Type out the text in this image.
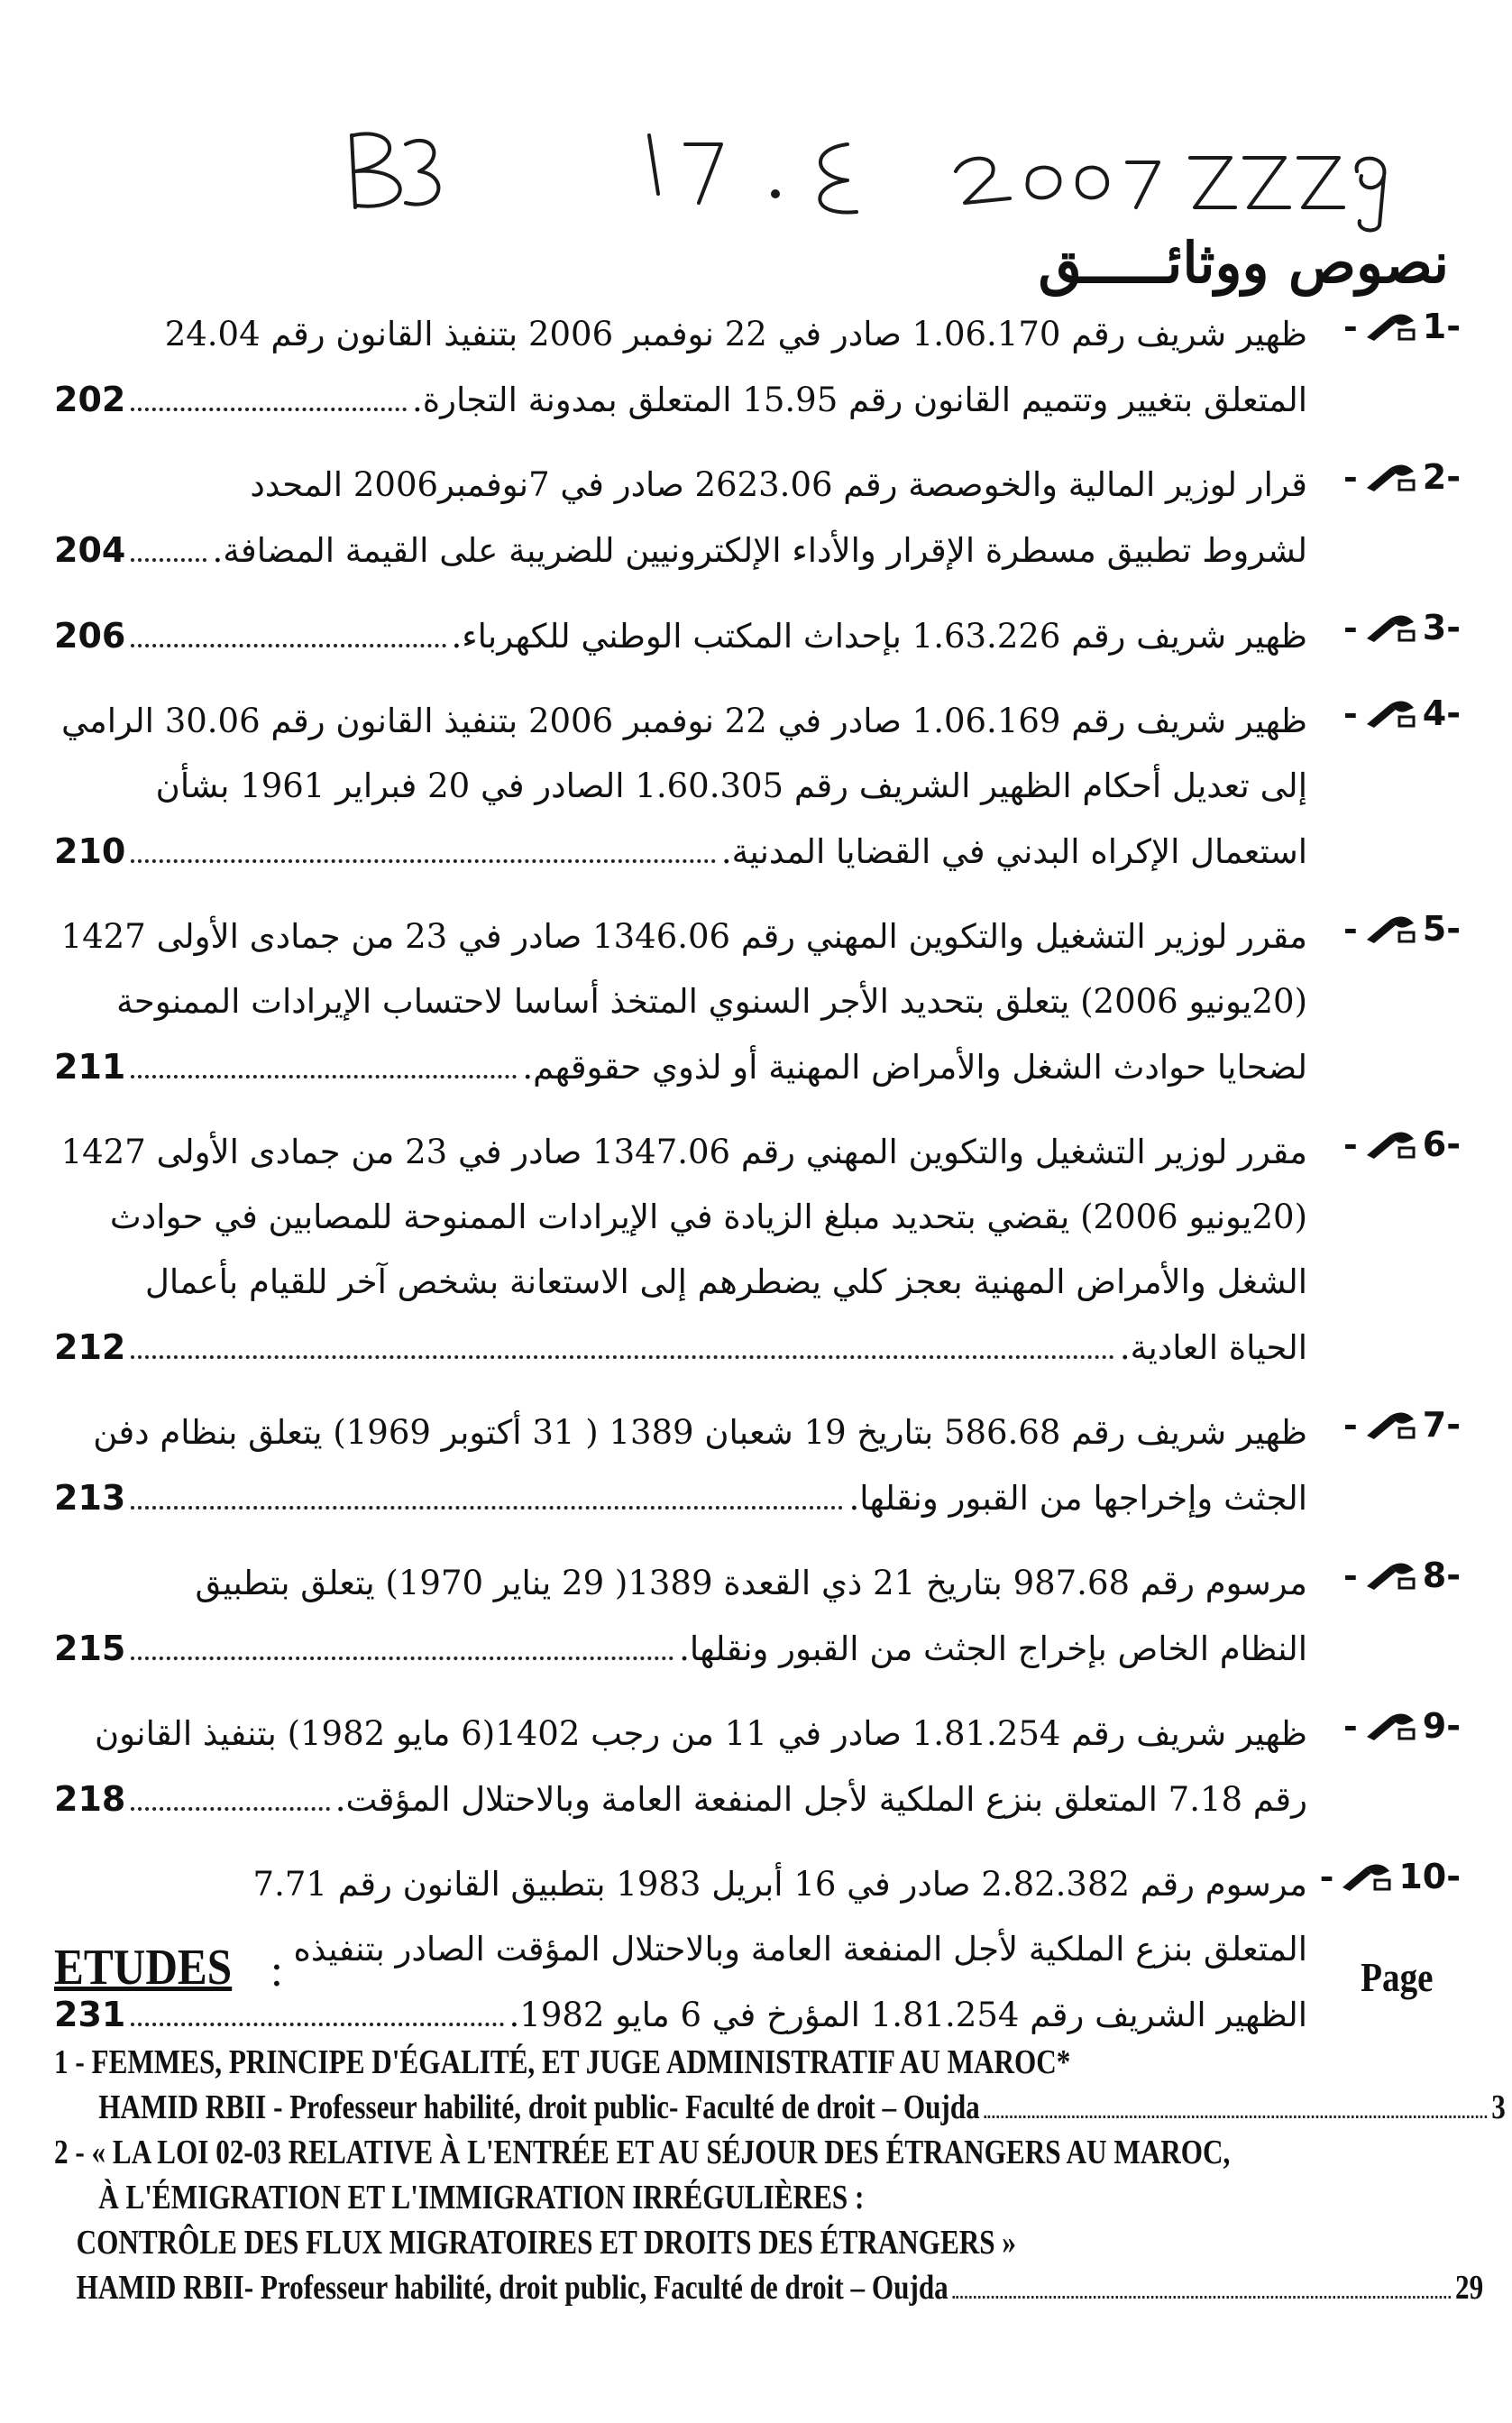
نصوص ووثائـــــق
- 1-
ظهير شريف رقم 1.06.170 صادر في 22 نوفمبر 2006 بتنفيذ القانون رقم 24.04
202	المتعلق بتغيير وتتميم القانون رقم 15.95 المتعلق بمدونة التجارة.
- 2-
قرار لوزير المالية والخوصصة رقم 2623.06 صادر في 7نوفمبر2006 المحدد
204	لشروط تطبيق مسطرة الإقرار والأداء الإلكترونيين للضريبة على القيمة المضافة.
- 3-
206	ظهير شريف رقم 1.63.226 بإحداث المكتب الوطني للكهرباء.
- 4-
ظهير شريف رقم 1.06.169 صادر في 22 نوفمبر 2006 بتنفيذ القانون رقم 30.06 الرامي
إلى تعديل أحكام الظهير الشريف رقم 1.60.305 الصادر في 20 فبراير 1961 بشأن
210	استعمال الإكراه البدني في القضايا المدنية.
- 5-
مقرر لوزير التشغيل والتكوين المهني رقم 1346.06 صادر في 23 من جمادى الأولى 1427
(20يونيو 2006) يتعلق بتحديد الأجر السنوي المتخذ أساسا لاحتساب الإيرادات الممنوحة
211	لضحايا حوادث الشغل والأمراض المهنية أو لذوي حقوقهم.
- 6-
مقرر لوزير التشغيل والتكوين المهني رقم 1347.06 صادر في 23 من جمادى الأولى 1427
(20يونيو 2006) يقضي بتحديد مبلغ الزيادة في الإيرادات الممنوحة للمصابين في حوادث
الشغل والأمراض المهنية بعجز كلي يضطرهم إلى الاستعانة بشخص آخر للقيام بأعمال
212	الحياة العادية.
- 7-
ظهير شريف رقم 586.68 بتاريخ 19 شعبان 1389 ( 31 أكتوبر 1969) يتعلق بنظام دفن
213	الجثث وإخراجها من القبور ونقلها.
- 8-
مرسوم رقم 987.68 بتاريخ 21 ذي القعدة 1389( 29 يناير 1970) يتعلق بتطبيق
215	النظام الخاص بإخراج الجثث من القبور ونقلها.
- 9-
ظهير شريف رقم 1.81.254 صادر في 11 من رجب 1402(6 مايو 1982) بتنفيذ القانون
218	رقم 7.18 المتعلق بنزع الملكية لأجل المنفعة العامة وبالاحتلال المؤقت.
- 10-
مرسوم رقم 2.82.382 صادر في 16 أبريل 1983 بتطبيق القانون رقم 7.71
المتعلق بنزع الملكية لأجل المنفعة العامة وبالاحتلال المؤقت الصادر بتنفيذه
231	الظهير الشريف رقم 1.81.254 المؤرخ في 6 مايو 1982.
ETUDES :	Page
1 - FEMMES, PRINCIPE D'ÉGALITÉ, ET JUGE ADMINISTRATIF AU MAROC*
HAMID RBII - Professeur habilité, droit public- Faculté de droit – Oujda	3
2 - « LA LOI 02-03 RELATIVE À L'ENTRÉE ET AU SÉJOUR DES ÉTRANGERS AU MAROC,
À L'ÉMIGRATION ET L'IMMIGRATION IRRÉGULIÈRES :
CONTRÔLE DES FLUX MIGRATOIRES ET DROITS DES ÉTRANGERS »
HAMID RBII- Professeur habilité, droit public, Faculté de droit – Oujda	29
